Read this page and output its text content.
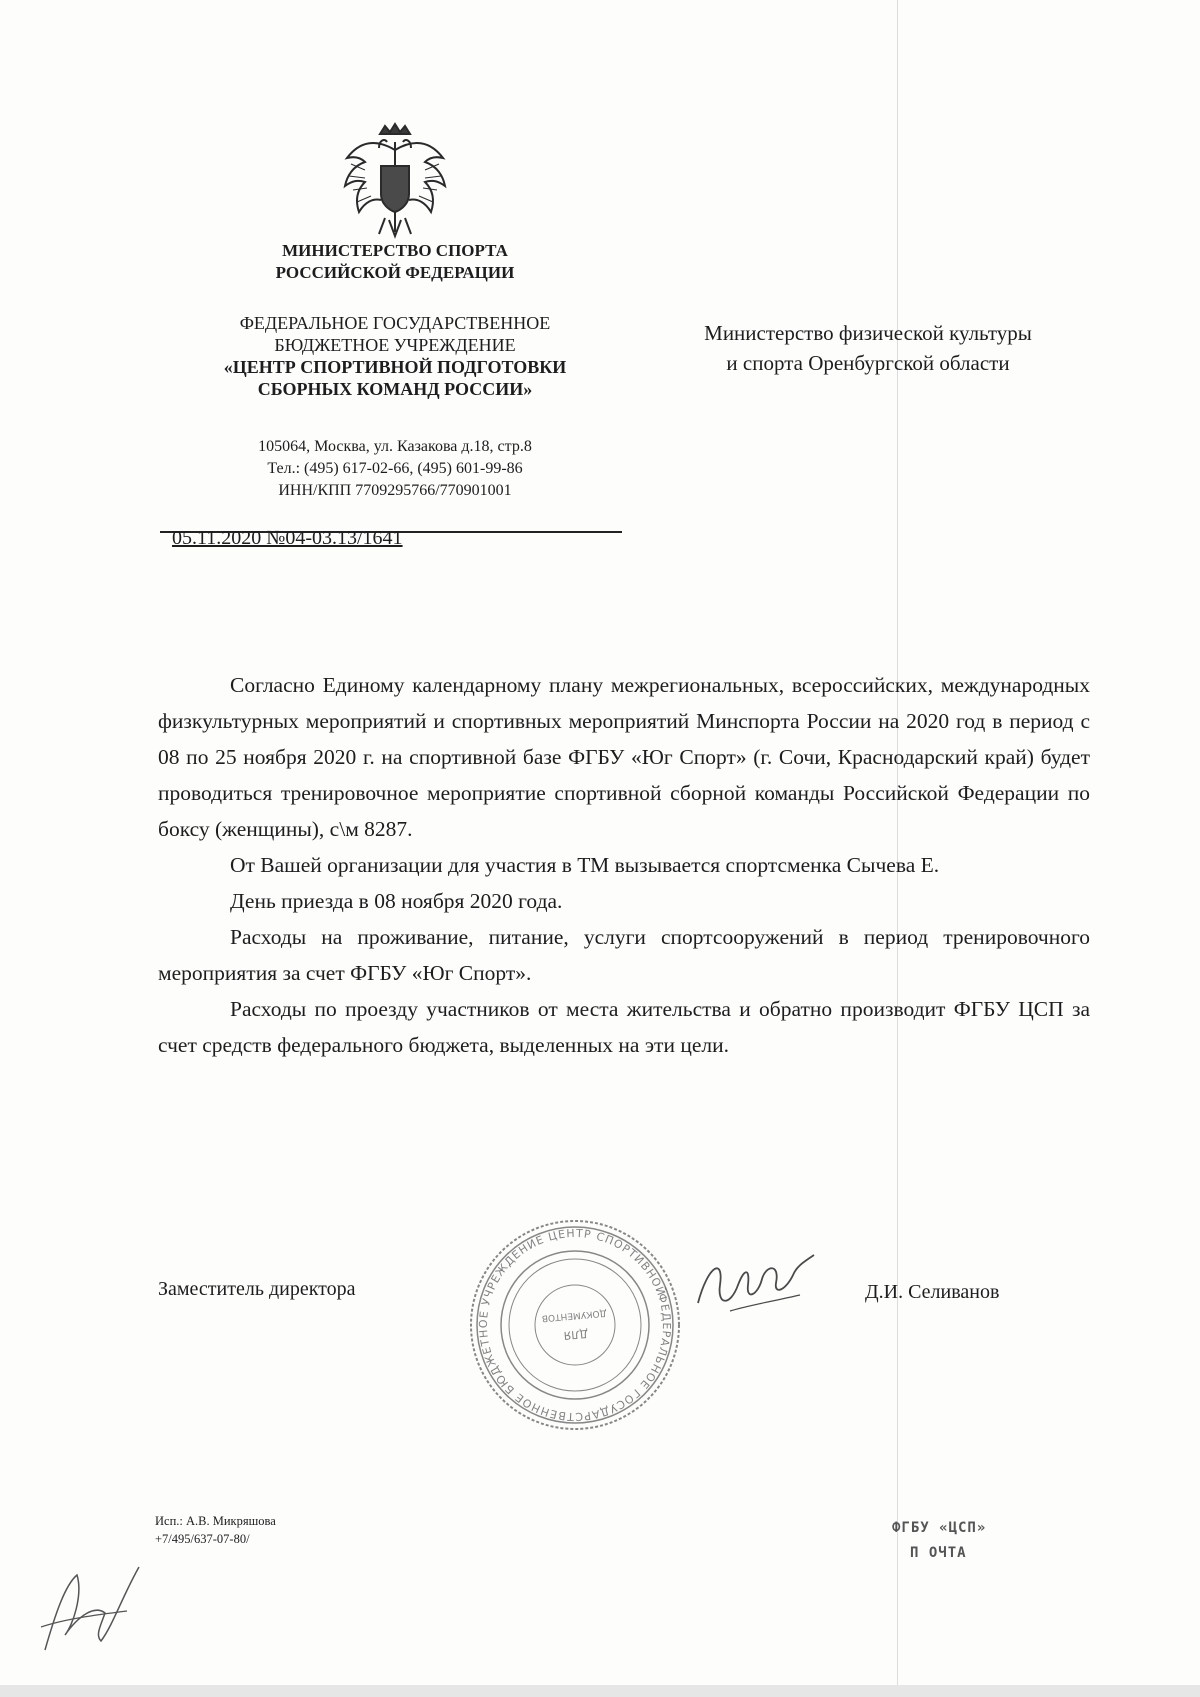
МИНИСТЕРСТВО СПОРТА
РОССИЙСКОЙ ФЕДЕРАЦИИ
ФЕДЕРАЛЬНОЕ ГОСУДАРСТВЕННОЕ
БЮДЖЕТНОЕ УЧРЕЖДЕНИЕ
«ЦЕНТР СПОРТИВНОЙ ПОДГОТОВКИ
СБОРНЫХ КОМАНД РОССИИ»
105064, Москва, ул. Казакова д.18, стр.8
Тел.: (495) 617-02-66, (495) 601-99-86
ИНН/КПП 7709295766/770901001
05.11.2020 №04-03.13/1641
Министерство физической культуры
и спорта Оренбургской области

Согласно Единому календарному плану межрегиональных, всероссийских, международных физкультурных мероприятий и спортивных мероприятий Минспорта России на 2020 год в период с 08 по 25 ноября 2020 г. на спортивной базе ФГБУ «Юг Спорт» (г. Сочи, Краснодарский край) будет проводиться тренировочное мероприятие спортивной сборной команды Российской Федерации по боксу (женщины), с\м 8287.

От Вашей организации для участия в ТМ вызывается спортсменка Сычева Е.

День приезда в 08 ноября 2020 года.

Расходы на проживание, питание, услуги спортсооружений в период тренировочного мероприятия за счет ФГБУ «Юг Спорт».

Расходы по проезду участников от места жительства и обратно производит ФГБУ ЦСП за счет средств федерального бюджета, выделенных на эти цели.

Заместитель директора	ФЕДЕРАЛЬНОЕ ГОСУДАРСТВЕННОЕ БЮДЖЕТНОЕ УЧРЕЖДЕНИЕ ЦЕНТР СПОРТИВНОЙ
ДЛЯ
ДОКУМЕНТОВ
Д.И. Селиванов
Исп.: А.В. Микряшова
+7/495/637-07-80/
ФГБУ «ЦСП»
П ОЧТА
